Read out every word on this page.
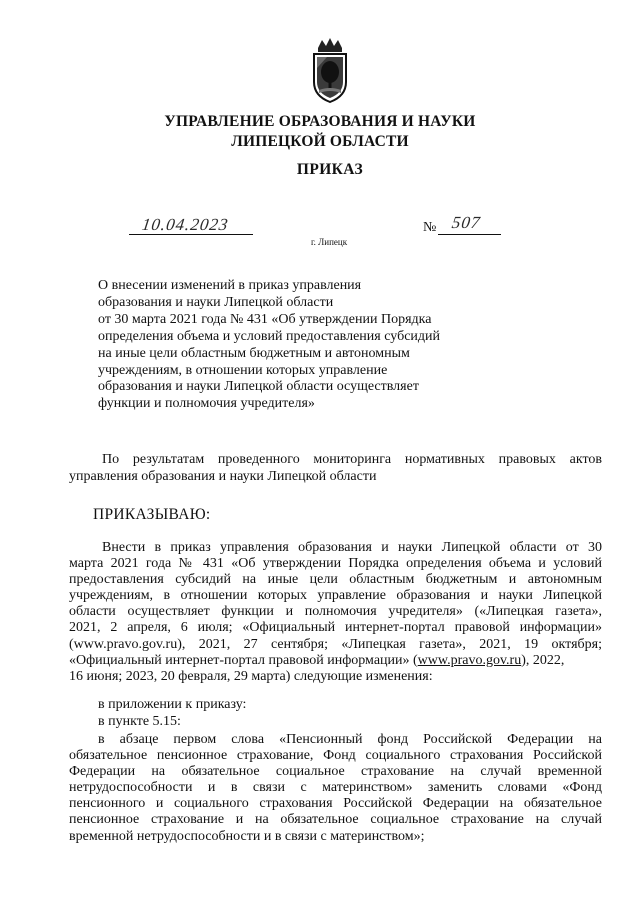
УПРАВЛЕНИЕ ОБРАЗОВАНИЯ И НАУКИ
ЛИПЕЦКОЙ ОБЛАСТИ
ПРИКАЗ
10.04.2023	№ 507
г. Липецк
О внесении изменений в приказ управления
образования и науки Липецкой области
от 30 марта 2021 года № 431 «Об утверждении Порядка
определения объема и условий предоставления субсидий
на иные цели областным бюджетным и автономным
учреждениям, в отношении которых управление
образования и науки Липецкой области осуществляет
функции и полномочия учредителя»
По результатам проведенного мониторинга нормативных правовых актов
управления образования и науки Липецкой области
ПРИКАЗЫВАЮ:
Внести в приказ управления образования и науки Липецкой области от 30
марта 2021 года № 431 «Об утверждении Порядка определения объема и условий
предоставления субсидий на иные цели областным бюджетным и автономным
учреждениям, в отношении которых управление образования и науки Липецкой
области осуществляет функции и полномочия учредителя» («Липецкая газета»,
2021, 2 апреля, 6 июля; «Официальный интернет-портал правовой информации»
(www.pravo.gov.ru), 2021, 27 сентября; «Липецкая газета», 2021, 19 октября;
«Официальный интернет-портал правовой информации» (www.pravo.gov.ru), 2022,
16 июня; 2023, 20 февраля, 29 марта) следующие изменения:
в приложении к приказу:
в пункте 5.15:
в абзаце первом слова «Пенсионный фонд Российской Федерации на
обязательное пенсионное страхование, Фонд социального страхования Российской
Федерации на обязательное социальное страхование на случай временной
нетрудоспособности и в связи с материнством» заменить словами «Фонд
пенсионного и социального страхования Российской Федерации на обязательное
пенсионное страхование и на обязательное социальное страхование на случай
временной нетрудоспособности и в связи с материнством»;
